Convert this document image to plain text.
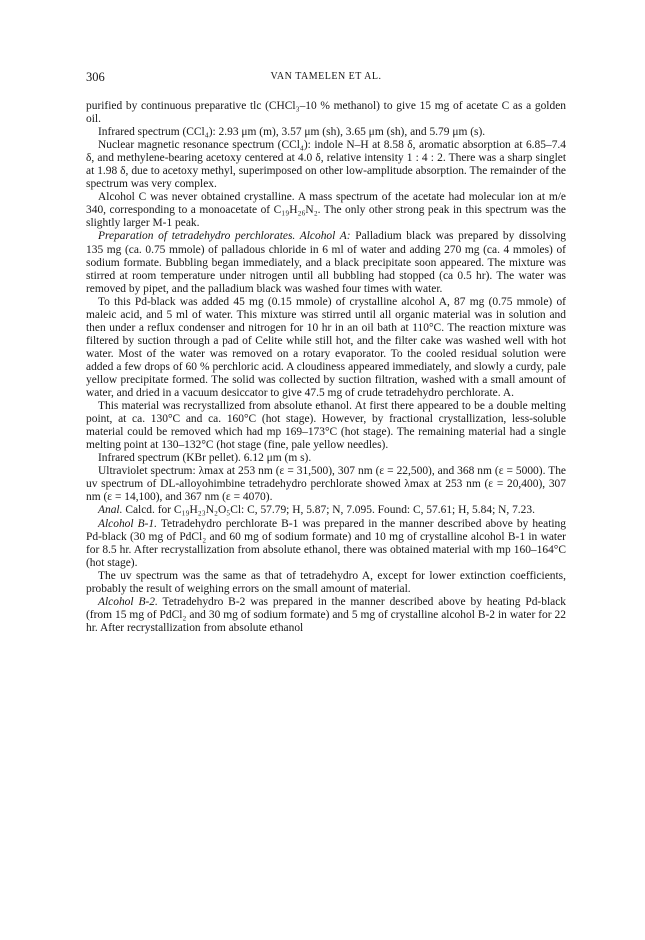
306	VAN TAMELEN ET AL.

purified by continuous preparative tlc (CHCl₃–10 % methanol) to give 15 mg of acetate C as a golden oil.

Infrared spectrum (CCl₄): 2.93 μm (m), 3.57 μm (sh), 3.65 μm (sh), and 5.79 μm (s).

Nuclear magnetic resonance spectrum (CCl₄): indole N–H at 8.58 δ, aromatic absorption at 6.85–7.4 δ, and methylene-bearing acetoxy centered at 4.0 δ, relative intensity 1 : 4 : 2. There was a sharp singlet at 1.98 δ, due to acetoxy methyl, superimposed on other low-amplitude absorption. The remainder of the spectrum was very complex.

Alcohol C was never obtained crystalline. A mass spectrum of the acetate had molecular ion at m/e 340, corresponding to a monoacetate of C₁₉H₂₆N₂. The only other strong peak in this spectrum was the slightly larger M-1 peak.

Preparation of tetradehydro perchlorates. Alcohol A: Palladium black was prepared by dissolving 135 mg (ca. 0.75 mmole) of palladous chloride in 6 ml of water and adding 270 mg (ca. 4 mmoles) of sodium formate. Bubbling began immediately, and a black precipitate soon appeared. The mixture was stirred at room temperature under nitrogen until all bubbling had stopped (ca 0.5 hr). The water was removed by pipet, and the palladium black was washed four times with water.

To this Pd-black was added 45 mg (0.15 mmole) of crystalline alcohol A, 87 mg (0.75 mmole) of maleic acid, and 5 ml of water. This mixture was stirred until all organic material was in solution and then under a reflux condenser and nitrogen for 10 hr in an oil bath at 110°C. The reaction mixture was filtered by suction through a pad of Celite while still hot, and the filter cake was washed well with hot water. Most of the water was removed on a rotary evaporator. To the cooled residual solution were added a few drops of 60 % perchloric acid. A cloudiness appeared immediately, and slowly a curdy, pale yellow precipitate formed. The solid was collected by suction filtration, washed with a small amount of water, and dried in a vacuum desiccator to give 47.5 mg of crude tetradehydro perchlorate. A.

This material was recrystallized from absolute ethanol. At first there appeared to be a double melting point, at ca. 130°C and ca. 160°C (hot stage). However, by fractional crystallization, less-soluble material could be removed which had mp 169–173°C (hot stage). The remaining material had a single melting point at 130–132°C (hot stage (fine, pale yellow needles).

Infrared spectrum (KBr pellet). 6.12 μm (m s).

Ultraviolet spectrum: λmax at 253 nm (ε = 31,500), 307 nm (ε = 22,500), and 368 nm (ε = 5000). The uv spectrum of DL-alloyohimbine tetradehydro perchlorate showed λmax at 253 nm (ε = 20,400), 307 nm (ε = 14,100), and 367 nm (ε = 4070).

Anal. Calcd. for C₁₉H₂₃N₂O₅Cl: C, 57.79; H, 5.87; N, 7.095. Found: C, 57.61; H, 5.84; N, 7.23.

Alcohol B-1. Tetradehydro perchlorate B-1 was prepared in the manner described above by heating Pd-black (30 mg of PdCl₂ and 60 mg of sodium formate) and 10 mg of crystalline alcohol B-1 in water for 8.5 hr. After recrystallization from absolute ethanol, there was obtained material with mp 160–164°C (hot stage).

The uv spectrum was the same as that of tetradehydro A, except for lower extinction coefficients, probably the result of weighing errors on the small amount of material.

Alcohol B-2. Tetradehydro B-2 was prepared in the manner described above by heating Pd-black (from 15 mg of PdCl₂ and 30 mg of sodium formate) and 5 mg of crystalline alcohol B-2 in water for 22 hr. After recrystallization from absolute ethanol
